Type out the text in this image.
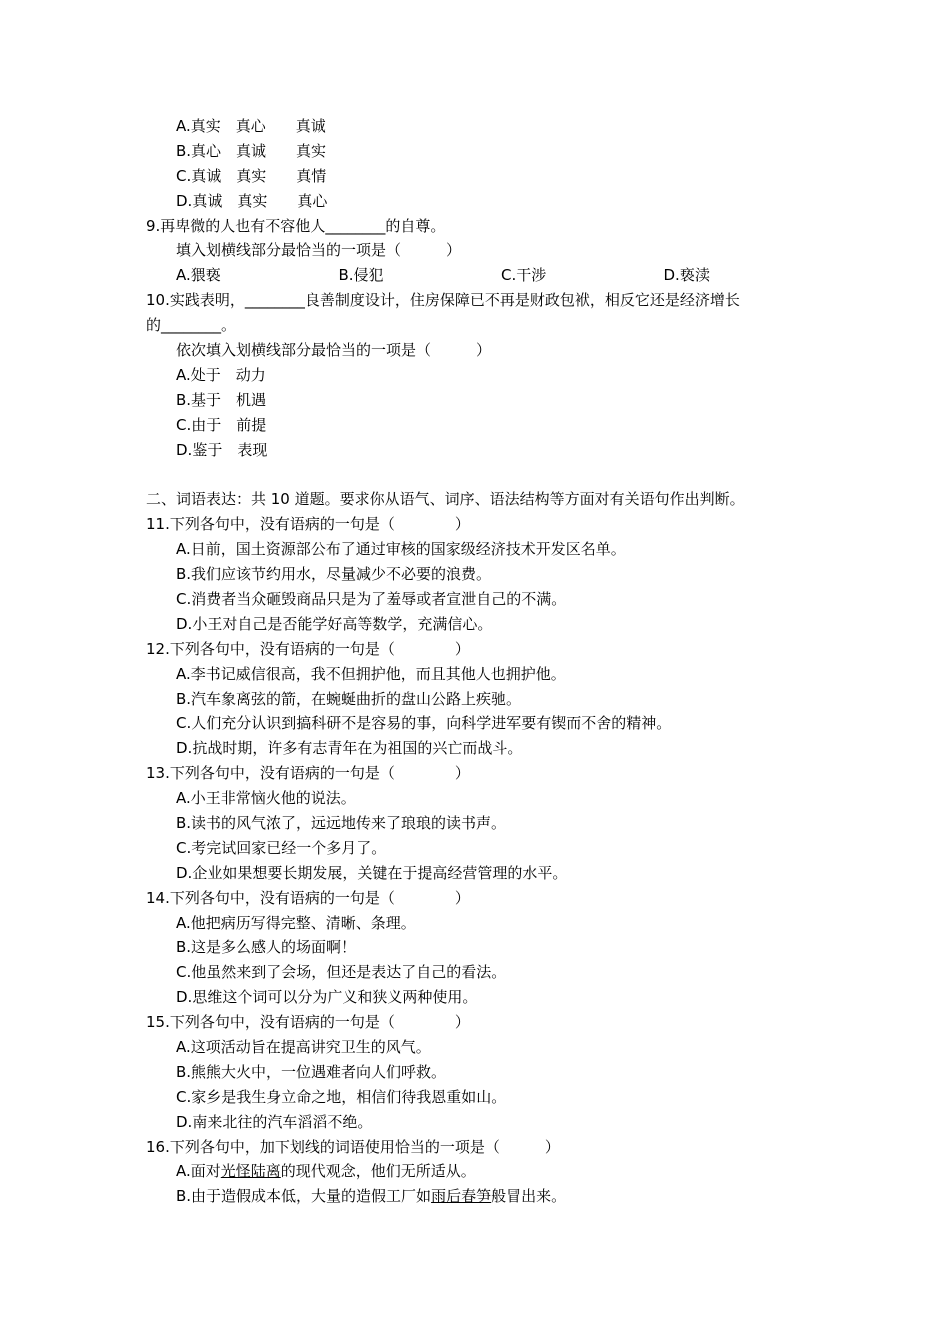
A.真实　真心　　真诚
B.真心　真诚　　真实
C.真诚　真实　　真情
D.真诚　真实　　真心
9.再卑微的人也有不容他人________的自尊。
填入划横线部分最恰当的一项是（　　　）
A.猥亵	B.侵犯	C.干涉	D.亵渎
10.实践表明，________良善制度设计，住房保障已不再是财政包袱，相反它还是经济增长
的________。
依次填入划横线部分最恰当的一项是（　　　）
A.处于　动力
B.基于　机遇
C.由于　前提
D.鉴于　表现
二、词语表达：共 10 道题。要求你从语气、词序、语法结构等方面对有关语句作出判断。
11.下列各句中，没有语病的一句是（　　　　）
A.日前，国土资源部公布了通过审核的国家级经济技术开发区名单。
B.我们应该节约用水，尽量减少不必要的浪费。
C.消费者当众砸毁商品只是为了羞辱或者宣泄自己的不满。
D.小王对自己是否能学好高等数学，充满信心。
12.下列各句中，没有语病的一句是（　　　　）
A.李书记威信很高，我不但拥护他，而且其他人也拥护他。
B.汽车象离弦的箭，在蜿蜒曲折的盘山公路上疾驰。
C.人们充分认识到搞科研不是容易的事，向科学进军要有锲而不舍的精神。
D.抗战时期，许多有志青年在为祖国的兴亡而战斗。
13.下列各句中，没有语病的一句是（　　　　）
A.小王非常恼火他的说法。
B.读书的风气浓了，远远地传来了琅琅的读书声。
C.考完试回家已经一个多月了。
D.企业如果想要长期发展，关键在于提高经营管理的水平。
14.下列各句中，没有语病的一句是（　　　　）
A.他把病历写得完整、清晰、条理。
B.这是多么感人的场面啊！
C.他虽然来到了会场，但还是表达了自己的看法。
D.思维这个词可以分为广义和狭义两种使用。
15.下列各句中，没有语病的一句是（　　　　）
A.这项活动旨在提高讲究卫生的风气。
B.熊熊大火中，一位遇难者向人们呼救。
C.家乡是我生身立命之地，相信们待我恩重如山。
D.南来北往的汽车滔滔不绝。
16.下列各句中，加下划线的词语使用恰当的一项是（　　　）
A.面对光怪陆离的现代观念，他们无所适从。
B.由于造假成本低，大量的造假工厂如雨后春笋般冒出来。
